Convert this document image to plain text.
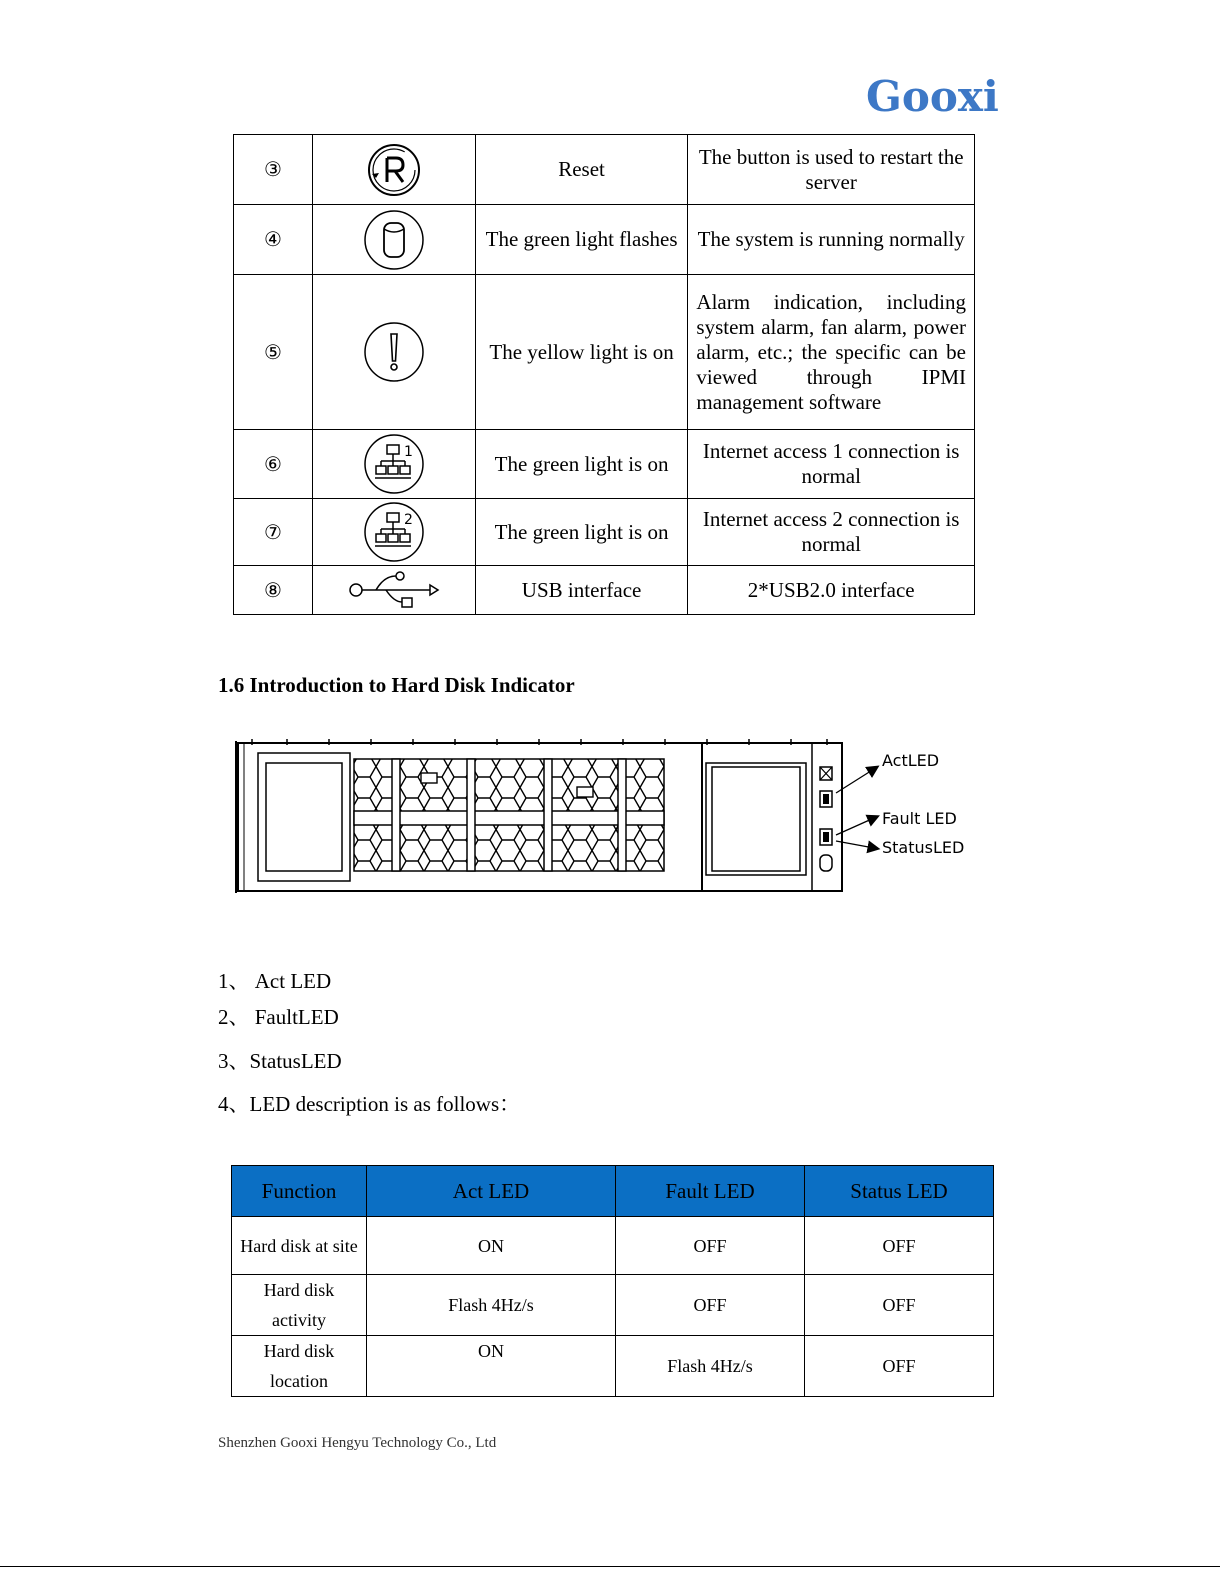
Gooxi
③		Reset	The button is used to restart the server
④		The green light flashes	The system is running normally
⑤		The yellow light is on	Alarm indication, including system alarm, fan alarm, power alarm, etc.; the specific can be viewed through IPMI management software
⑥	1	The green light is on	Internet access 1 connection is normal
⑦	2	The green light is on	Internet access 2 connection is normal
⑧		USB interface	2*USB2.0 interface
1.6 Introduction to Hard Disk Indicator
ActLED
Fault LED
StatusLED
1、 Act LED
2、 FaultLED
3、StatusLED
4、LED description is as follows：
Function	Act LED	Fault LED	Status LED
Hard disk at site	ON	OFF	OFF
Hard disk activity	Flash 4Hz/s	OFF	OFF
Hard disk location	ON	Flash 4Hz/s	OFF
Shenzhen Gooxi Hengyu Technology Co., Ltd
